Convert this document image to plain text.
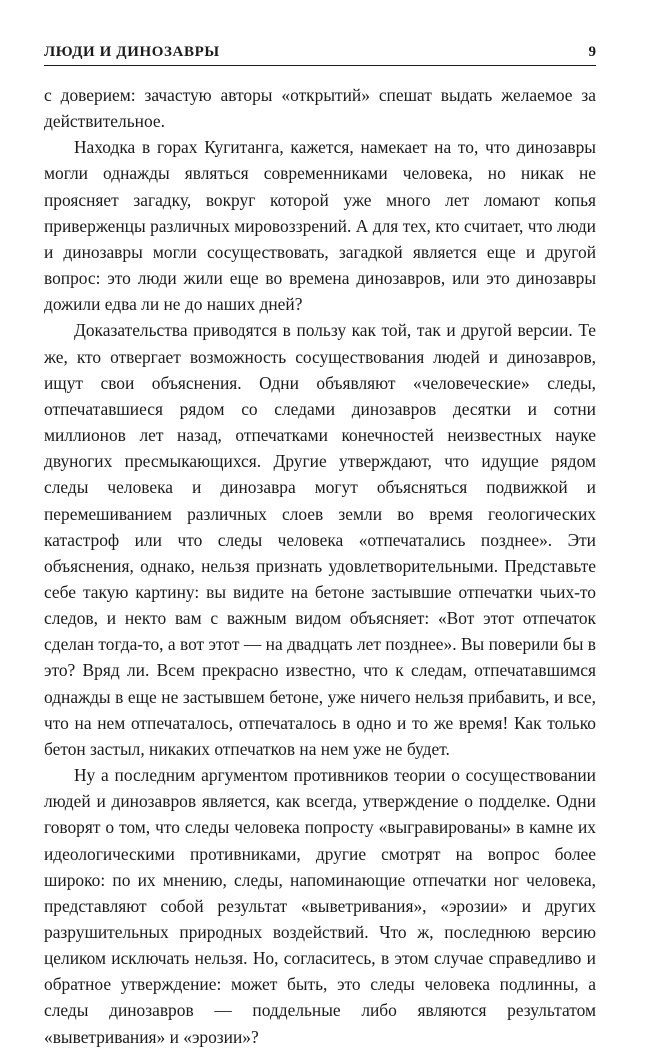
ЛЮДИ И ДИНОЗАВРЫ	9

с доверием: зачастую авторы «открытий» спешат выдать желаемое за действительное.

Находка в горах Кугитанга, кажется, намекает на то, что динозавры могли однажды являться современниками человека, но никак не проясняет загадку, вокруг которой уже много лет ломают копья приверженцы различных мировоззрений. А для тех, кто считает, что люди и динозавры могли сосуществовать, загадкой является еще и другой вопрос: это люди жили еще во времена динозавров, или это динозавры дожили едва ли не до наших дней?

Доказательства приводятся в пользу как той, так и другой версии. Те же, кто отвергает возможность сосуществования людей и динозавров, ищут свои объяснения. Одни объявляют «человеческие» следы, отпечатавшиеся рядом со следами динозавров десятки и сотни миллионов лет назад, отпечатками конечностей неизвестных науке двуногих пресмыкающихся. Другие утверждают, что идущие рядом следы человека и динозавра могут объясняться подвижкой и перемешиванием различных слоев земли во время геологических катастроф или что следы человека «отпечатались позднее». Эти объяснения, однако, нельзя признать удовлетворительными. Представьте себе такую картину: вы видите на бетоне застывшие отпечатки чьих-то следов, и некто вам с важным видом объясняет: «Вот этот отпечаток сделан тогда-то, а вот этот — на двадцать лет позднее». Вы поверили бы в это? Вряд ли. Всем прекрасно известно, что к следам, отпечатавшимся однажды в еще не застывшем бетоне, уже ничего нельзя прибавить, и все, что на нем отпечаталось, отпечаталось в одно и то же время! Как только бетон застыл, никаких отпечатков на нем уже не будет.

Ну а последним аргументом противников теории о сосуществовании людей и динозавров является, как всегда, утверждение о подделке. Одни говорят о том, что следы человека попросту «выгравированы» в камне их идеологическими противниками, другие смотрят на вопрос более широко: по их мнению, следы, напоминающие отпечатки ног человека, представляют собой результат «выветривания», «эрозии» и других разрушительных природных воздействий. Что ж, последнюю версию целиком исключать нельзя. Но, согласитесь, в этом случае справедливо и обратное утверждение: может быть, это следы человека подлинны, а следы динозавров — поддельные либо являются результатом «выветривания» и «эрозии»?
